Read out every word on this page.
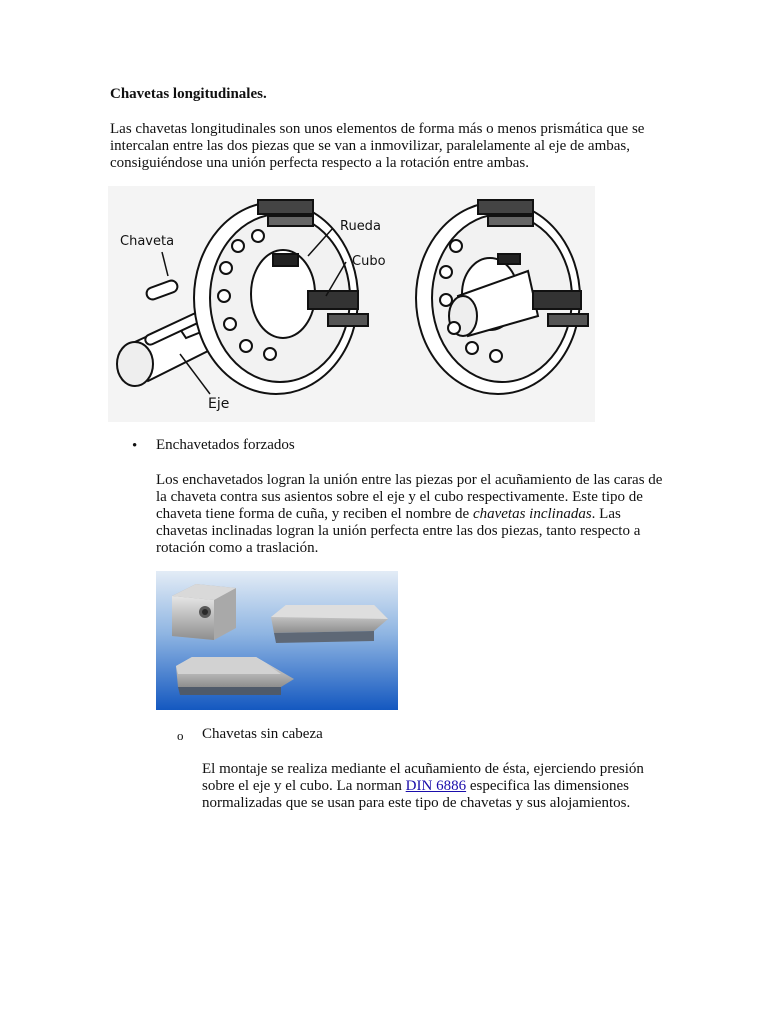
Chavetas longitudinales.
Las chavetas longitudinales son unos elementos de forma más o menos prismática que se intercalan entre las dos piezas que se van a inmovilizar, paralelamente al eje de ambas, consiguiéndose una unión perfecta respecto a la rotación entre ambas.
Chaveta
Rueda
Cubo
Eje
• Enchavetados forzados
Los enchavetados logran la unión entre las piezas por el acuñamiento de las caras de la chaveta contra sus asientos sobre el eje y el cubo respectivamente. Este tipo de chaveta tiene forma de cuña, y reciben el nombre de chavetas inclinadas. Las chavetas inclinadas logran la unión perfecta entre las dos piezas, tanto respecto a rotación como a traslación.
o Chavetas sin cabeza
El montaje se realiza mediante el acuñamiento de ésta, ejerciendo presión sobre el eje y el cubo. La norman DIN 6886 especifica las dimensiones normalizadas que se usan para este tipo de chavetas y sus alojamientos.
